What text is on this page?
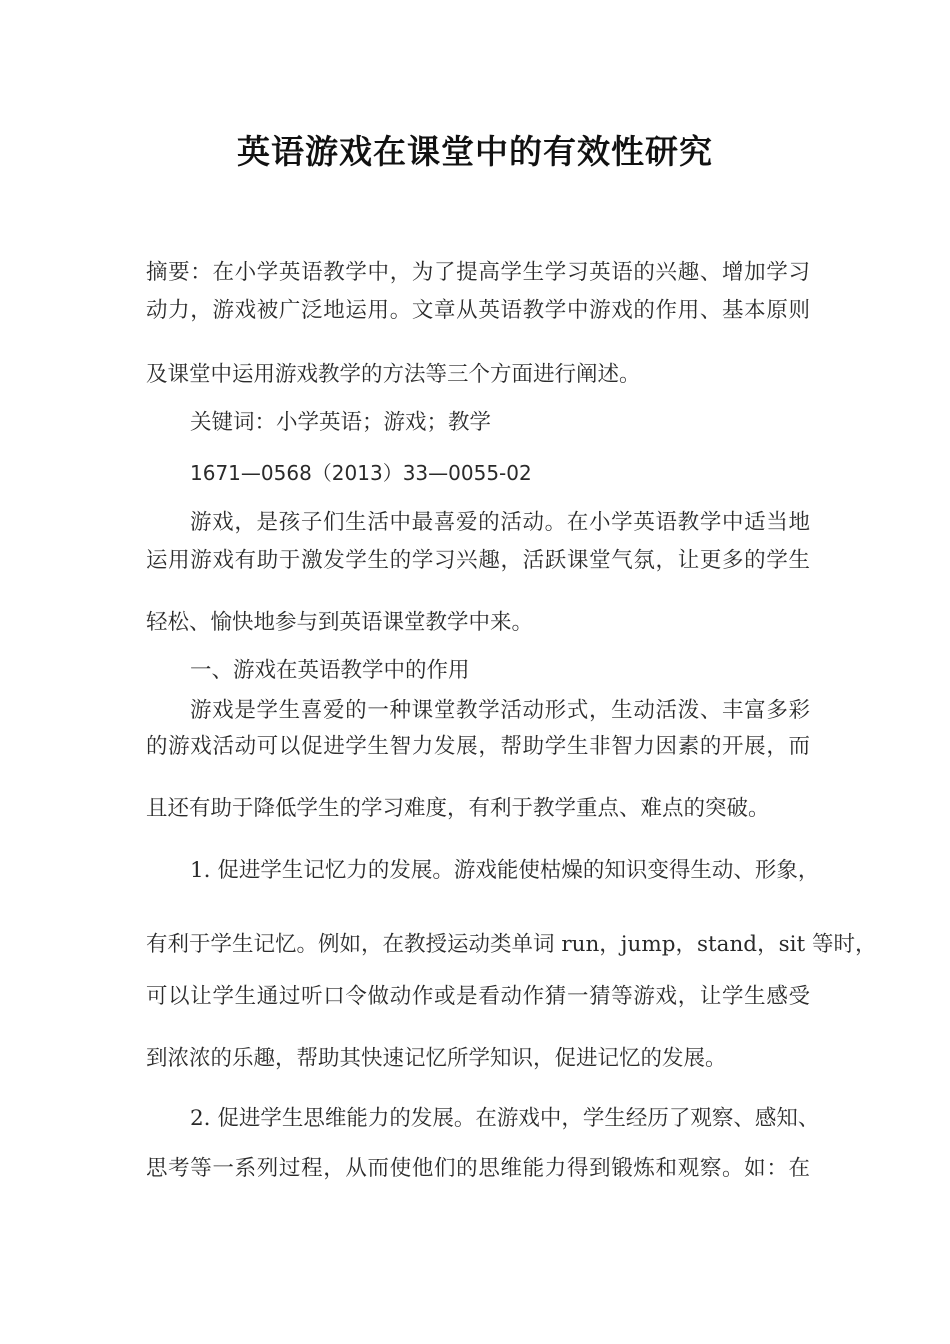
英语游戏在课堂中的有效性研究
摘要：在小学英语教学中，为了提高学生学习英语的兴趣、增加学习
动力，游戏被广泛地运用。文章从英语教学中游戏的作用、基本原则
及课堂中运用游戏教学的方法等三个方面进行阐述。
关键词：小学英语；游戏；教学
1671—0568（2013）33—0055-02
游戏，是孩子们生活中最喜爱的活动。在小学英语教学中适当地
运用游戏有助于激发学生的学习兴趣，活跃课堂气氛，让更多的学生
轻松、愉快地参与到英语课堂教学中来。
一、游戏在英语教学中的作用
游戏是学生喜爱的一种课堂教学活动形式，生动活泼、丰富多彩
的游戏活动可以促进学生智力发展，帮助学生非智力因素的开展，而
且还有助于降低学生的学习难度，有利于教学重点、难点的突破。
1. 促进学生记忆力的发展。游戏能使枯燥的知识变得生动、形象，
有利于学生记忆。例如，在教授运动类单词 run，jump，stand，sit 等时，
可以让学生通过听口令做动作或是看动作猜一猜等游戏，让学生感受
到浓浓的乐趣，帮助其快速记忆所学知识，促进记忆的发展。
2. 促进学生思维能力的发展。在游戏中，学生经历了观察、感知、
思考等一系列过程，从而使他们的思维能力得到锻炼和观察。如：在
